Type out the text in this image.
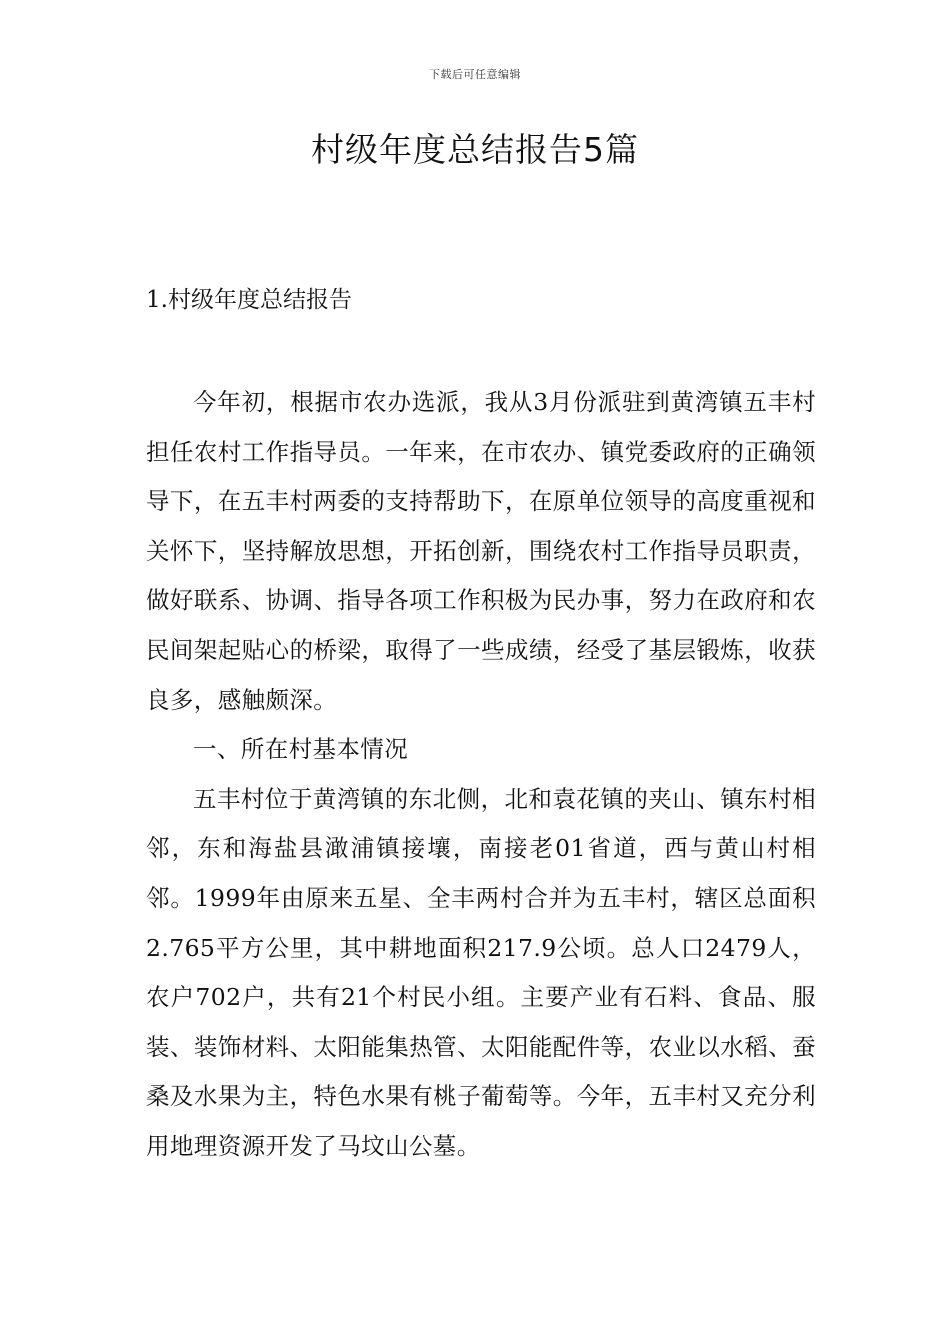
下载后可任意编辑
村级年度总结报告5篇
1.村级年度总结报告

今年初，根据市农办选派，我从3月份派驻到黄湾镇五丰村担任农村工作指导员。一年来，在市农办、镇党委政府的正确领导下，在五丰村两委的支持帮助下，在原单位领导的高度重视和关怀下，坚持解放思想，开拓创新，围绕农村工作指导员职责，做好联系、协调、指导各项工作积极为民办事，努力在政府和农民间架起贴心的桥梁，取得了一些成绩，经受了基层锻炼，收获良多，感触颇深。

一、所在村基本情况

五丰村位于黄湾镇的东北侧，北和袁花镇的夹山、镇东村相邻，东和海盐县澉浦镇接壤，南接老01省道，西与黄山村相邻。1999年由原来五星、全丰两村合并为五丰村，辖区总面积2.765平方公里，其中耕地面积217.9公顷。总人口2479人，农户702户，共有21个村民小组。主要产业有石料、食品、服装、装饰材料、太阳能集热管、太阳能配件等，农业以水稻、蚕桑及水果为主，特色水果有桃子葡萄等。今年，五丰村又充分利用地理资源开发了马坟山公墓。
